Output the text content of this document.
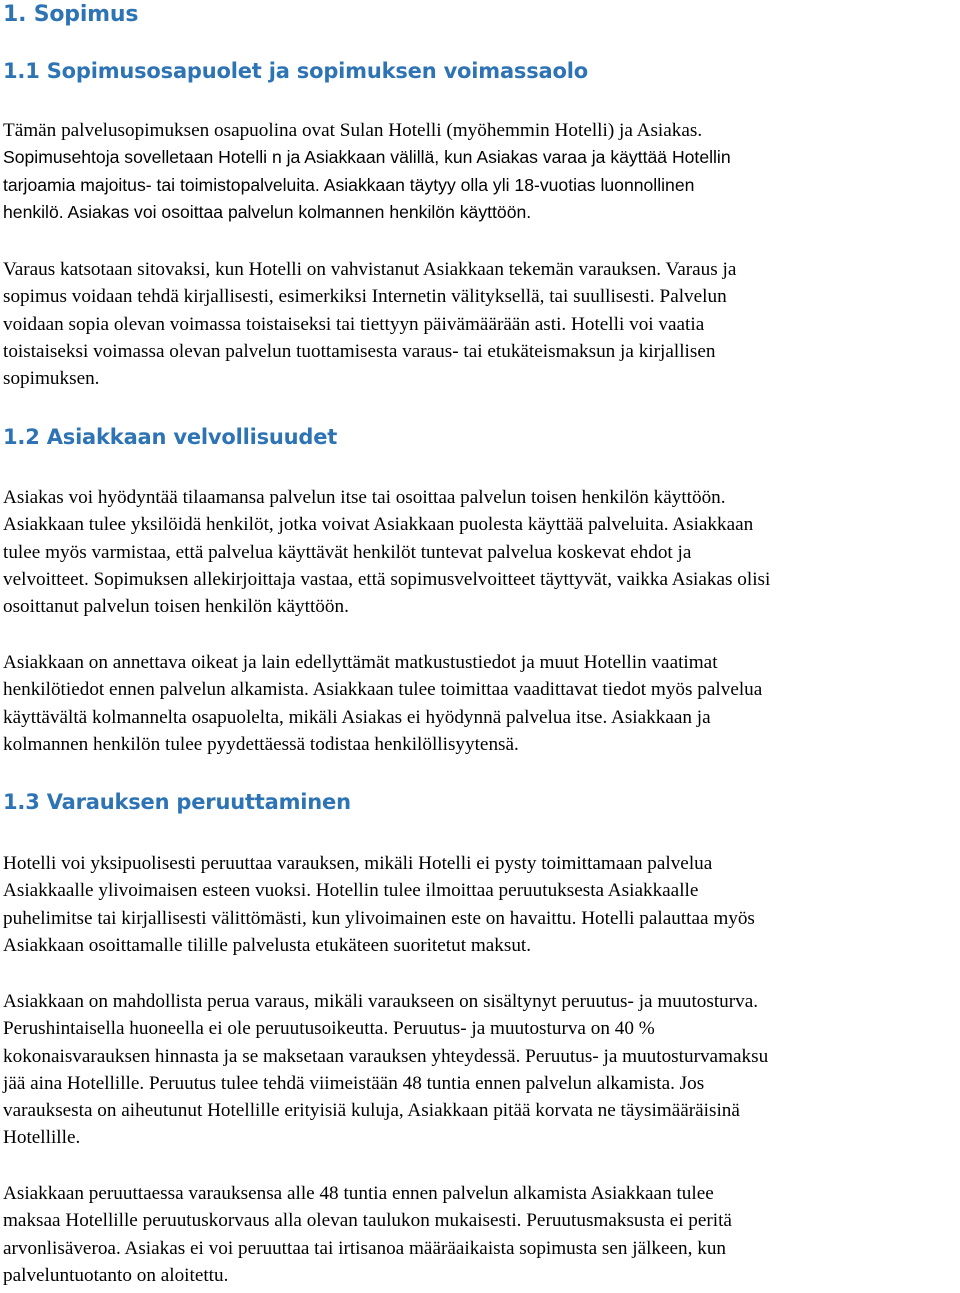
1. Sopimus
1.1 Sopimusosapuolet ja sopimuksen voimassaolo
Tämän palvelusopimuksen osapuolina ovat Sulan Hotelli (myöhemmin Hotelli) ja Asiakas.
Sopimusehtoja sovelletaan Hotelli n ja Asiakkaan välillä, kun Asiakas varaa ja käyttää Hotellin
tarjoamia majoitus- tai toimistopalveluita. Asiakkaan täytyy olla yli 18-vuotias luonnollinen
henkilö. Asiakas voi osoittaa palvelun kolmannen henkilön käyttöön.
Varaus katsotaan sitovaksi, kun Hotelli on vahvistanut Asiakkaan tekemän varauksen. Varaus ja
sopimus voidaan tehdä kirjallisesti, esimerkiksi Internetin välityksellä, tai suullisesti. Palvelun
voidaan sopia olevan voimassa toistaiseksi tai tiettyyn päivämäärään asti. Hotelli voi vaatia
toistaiseksi voimassa olevan palvelun tuottamisesta varaus- tai etukäteismaksun ja kirjallisen
sopimuksen.
1.2 Asiakkaan velvollisuudet
Asiakas voi hyödyntää tilaamansa palvelun itse tai osoittaa palvelun toisen henkilön käyttöön.
Asiakkaan tulee yksilöidä henkilöt, jotka voivat Asiakkaan puolesta käyttää palveluita. Asiakkaan
tulee myös varmistaa, että palvelua käyttävät henkilöt tuntevat palvelua koskevat ehdot ja
velvoitteet. Sopimuksen allekirjoittaja vastaa, että sopimusvelvoitteet täyttyvät, vaikka Asiakas olisi
osoittanut palvelun toisen henkilön käyttöön.
Asiakkaan on annettava oikeat ja lain edellyttämät matkustustiedot ja muut Hotellin vaatimat
henkilötiedot ennen palvelun alkamista. Asiakkaan tulee toimittaa vaadittavat tiedot myös palvelua
käyttävältä kolmannelta osapuolelta, mikäli Asiakas ei hyödynnä palvelua itse. Asiakkaan ja
kolmannen henkilön tulee pyydettäessä todistaa henkilöllisyytensä.
1.3 Varauksen peruuttaminen
Hotelli voi yksipuolisesti peruuttaa varauksen, mikäli Hotelli ei pysty toimittamaan palvelua
Asiakkaalle ylivoimaisen esteen vuoksi. Hotellin tulee ilmoittaa peruutuksesta Asiakkaalle
puhelimitse tai kirjallisesti välittömästi, kun ylivoimainen este on havaittu. Hotelli palauttaa myös
Asiakkaan osoittamalle tilille palvelusta etukäteen suoritetut maksut.
Asiakkaan on mahdollista perua varaus, mikäli varaukseen on sisältynyt peruutus- ja muutosturva.
Perushintaisella huoneella ei ole peruutusoikeutta. Peruutus- ja muutosturva on 40 %
kokonaisvarauksen hinnasta ja se maksetaan varauksen yhteydessä. Peruutus- ja muutosturvamaksu
jää aina Hotellille. Peruutus tulee tehdä viimeistään 48 tuntia ennen palvelun alkamista. Jos
varauksesta on aiheutunut Hotellille erityisiä kuluja, Asiakkaan pitää korvata ne täysimääräisinä
Hotellille.
Asiakkaan peruuttaessa varauksensa alle 48 tuntia ennen palvelun alkamista Asiakkaan tulee
maksaa Hotellille peruutuskorvaus alla olevan taulukon mukaisesti. Peruutusmaksusta ei peritä
arvonlisäveroa. Asiakas ei voi peruuttaa tai irtisanoa määräaikaista sopimusta sen jälkeen, kun
palveluntuotanto on aloitettu.
